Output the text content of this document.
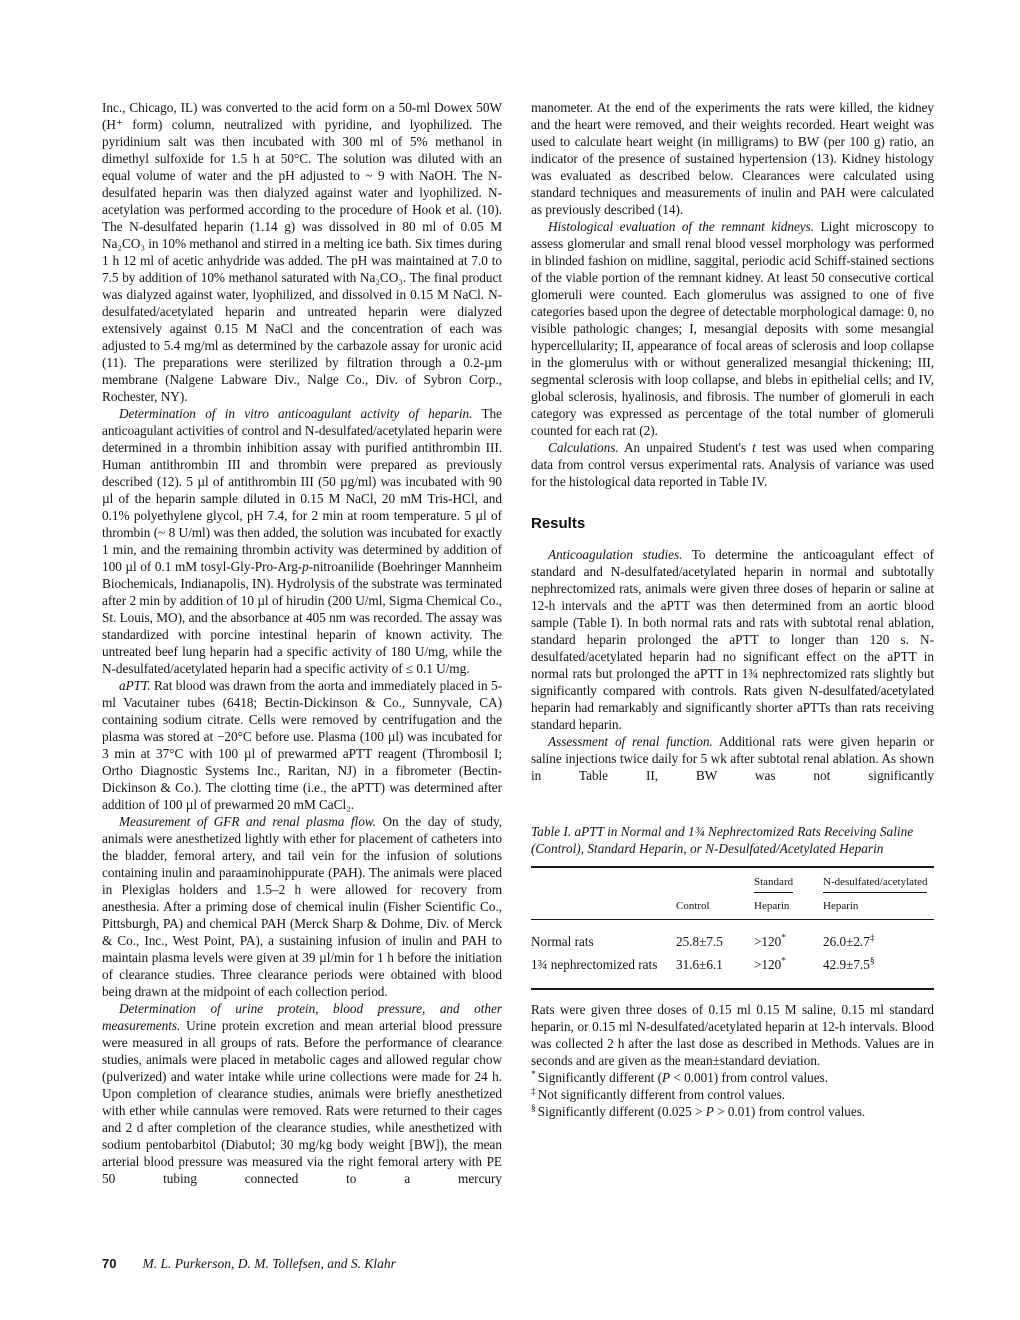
Inc., Chicago, IL) was converted to the acid form on a 50-ml Dowex 50W (H⁺ form) column, neutralized with pyridine, and lyophilized. The pyridinium salt was then incubated with 300 ml of 5% methanol in dimethyl sulfoxide for 1.5 h at 50°C. The solution was diluted with an equal volume of water and the pH adjusted to ~ 9 with NaOH. The N-desulfated heparin was then dialyzed against water and lyophilized. N-acetylation was performed according to the procedure of Hook et al. (10). The N-desulfated heparin (1.14 g) was dissolved in 80 ml of 0.05 M Na₂CO₃ in 10% methanol and stirred in a melting ice bath. Six times during 1 h 12 ml of acetic anhydride was added. The pH was maintained at 7.0 to 7.5 by addition of 10% methanol saturated with Na₂CO₃. The final product was dialyzed against water, lyophilized, and dissolved in 0.15 M NaCl. N-desulfated/acetylated heparin and untreated heparin were dialyzed extensively against 0.15 M NaCl and the concentration of each was adjusted to 5.4 mg/ml as determined by the carbazole assay for uronic acid (11). The preparations were sterilized by filtration through a 0.2-µm membrane (Nalgene Labware Div., Nalge Co., Div. of Sybron Corp., Rochester, NY).

Determination of in vitro anticoagulant activity of heparin. The anticoagulant activities of control and N-desulfated/acetylated heparin were determined in a thrombin inhibition assay with purified antithrombin III. Human antithrombin III and thrombin were prepared as previously described (12). 5 µl of antithrombin III (50 µg/ml) was incubated with 90 µl of the heparin sample diluted in 0.15 M NaCl, 20 mM Tris-HCl, and 0.1% polyethylene glycol, pH 7.4, for 2 min at room temperature. 5 µl of thrombin (~ 8 U/ml) was then added, the solution was incubated for exactly 1 min, and the remaining thrombin activity was determined by addition of 100 µl of 0.1 mM tosyl-Gly-Pro-Arg-p-nitroanilide (Boehringer Mannheim Biochemicals, Indianapolis, IN). Hydrolysis of the substrate was terminated after 2 min by addition of 10 µl of hirudin (200 U/ml, Sigma Chemical Co., St. Louis, MO), and the absorbance at 405 nm was recorded. The assay was standardized with porcine intestinal heparin of known activity. The untreated beef lung heparin had a specific activity of 180 U/mg, while the N-desulfated/acetylated heparin had a specific activity of ≤ 0.1 U/mg.

aPTT. Rat blood was drawn from the aorta and immediately placed in 5-ml Vacutainer tubes (6418; Bectin-Dickinson & Co., Sunnyvale, CA) containing sodium citrate. Cells were removed by centrifugation and the plasma was stored at −20°C before use. Plasma (100 µl) was incubated for 3 min at 37°C with 100 µl of prewarmed aPTT reagent (Thrombosil I; Ortho Diagnostic Systems Inc., Raritan, NJ) in a fibrometer (Bectin-Dickinson & Co.). The clotting time (i.e., the aPTT) was determined after addition of 100 µl of prewarmed 20 mM CaCl₂.

Measurement of GFR and renal plasma flow. On the day of study, animals were anesthetized lightly with ether for placement of catheters into the bladder, femoral artery, and tail vein for the infusion of solutions containing inulin and paraaminohippurate (PAH). The animals were placed in Plexiglas holders and 1.5–2 h were allowed for recovery from anesthesia. After a priming dose of chemical inulin (Fisher Scientific Co., Pittsburgh, PA) and chemical PAH (Merck Sharp & Dohme, Div. of Merck & Co., Inc., West Point, PA), a sustaining infusion of inulin and PAH to maintain plasma levels were given at 39 µl/min for 1 h before the initiation of clearance studies. Three clearance periods were obtained with blood being drawn at the midpoint of each collection period.

Determination of urine protein, blood pressure, and other measurements. Urine protein excretion and mean arterial blood pressure were measured in all groups of rats. Before the performance of clearance studies, animals were placed in metabolic cages and allowed regular chow (pulverized) and water intake while urine collections were made for 24 h. Upon completion of clearance studies, animals were briefly anesthetized with ether while cannulas were removed. Rats were returned to their cages and 2 d after completion of the clearance studies, while anesthetized with sodium pentobarbitol (Diabutol; 30 mg/kg body weight [BW]), the mean arterial blood pressure was measured via the right femoral artery with PE 50 tubing connected to a mercury

manometer. At the end of the experiments the rats were killed, the kidney and the heart were removed, and their weights recorded. Heart weight was used to calculate heart weight (in milligrams) to BW (per 100 g) ratio, an indicator of the presence of sustained hypertension (13). Kidney histology was evaluated as described below. Clearances were calculated using standard techniques and measurements of inulin and PAH were calculated as previously described (14).

Histological evaluation of the remnant kidneys. Light microscopy to assess glomerular and small renal blood vessel morphology was performed in blinded fashion on midline, saggital, periodic acid Schiff-stained sections of the viable portion of the remnant kidney. At least 50 consecutive cortical glomeruli were counted. Each glomerulus was assigned to one of five categories based upon the degree of detectable morphological damage: 0, no visible pathologic changes; I, mesangial deposits with some mesangial hypercellularity; II, appearance of focal areas of sclerosis and loop collapse in the glomerulus with or without generalized mesangial thickening; III, segmental sclerosis with loop collapse, and blebs in epithelial cells; and IV, global sclerosis, hyalinosis, and fibrosis. The number of glomeruli in each category was expressed as percentage of the total number of glomeruli counted for each rat (2).

Calculations. An unpaired Student's t test was used when comparing data from control versus experimental rats. Analysis of variance was used for the histological data reported in Table IV.

Results

Anticoagulation studies. To determine the anticoagulant effect of standard and N-desulfated/acetylated heparin in normal and subtotally nephrectomized rats, animals were given three doses of heparin or saline at 12-h intervals and the aPTT was then determined from an aortic blood sample (Table I). In both normal rats and rats with subtotal renal ablation, standard heparin prolonged the aPTT to longer than 120 s. N-desulfated/acetylated heparin had no significant effect on the aPTT in normal rats but prolonged the aPTT in 1¾ nephrectomized rats slightly but significantly compared with controls. Rats given N-desulfated/acetylated heparin had remarkably and significantly shorter aPTTs than rats receiving standard heparin.

Assessment of renal function. Additional rats were given heparin or saline injections twice daily for 5 wk after subtotal renal ablation. As shown in Table II, BW was not significantly

Table I. aPTT in Normal and 1¾ Nephrectomized Rats Receiving Saline (Control), Standard Heparin, or N-Desulfated/Acetylated Heparin

		Standard	N-desulfated/acetylated
	Control	Heparin	Heparin
Normal rats	25.8±7.5	>120*	26.0±2.7‡
1¾ nephrectomized rats	31.6±6.1	>120*	42.9±7.5§

Rats were given three doses of 0.15 ml 0.15 M saline, 0.15 ml standard heparin, or 0.15 ml N-desulfated/acetylated heparin at 12-h intervals. Blood was collected 2 h after the last dose as described in Methods. Values are in seconds and are given as the mean±standard deviation.

* Significantly different (P < 0.001) from control values.

‡ Not significantly different from control values.

§ Significantly different (0.025 > P > 0.01) from control values.

70 M. L. Purkerson, D. M. Tollefsen, and S. Klahr
